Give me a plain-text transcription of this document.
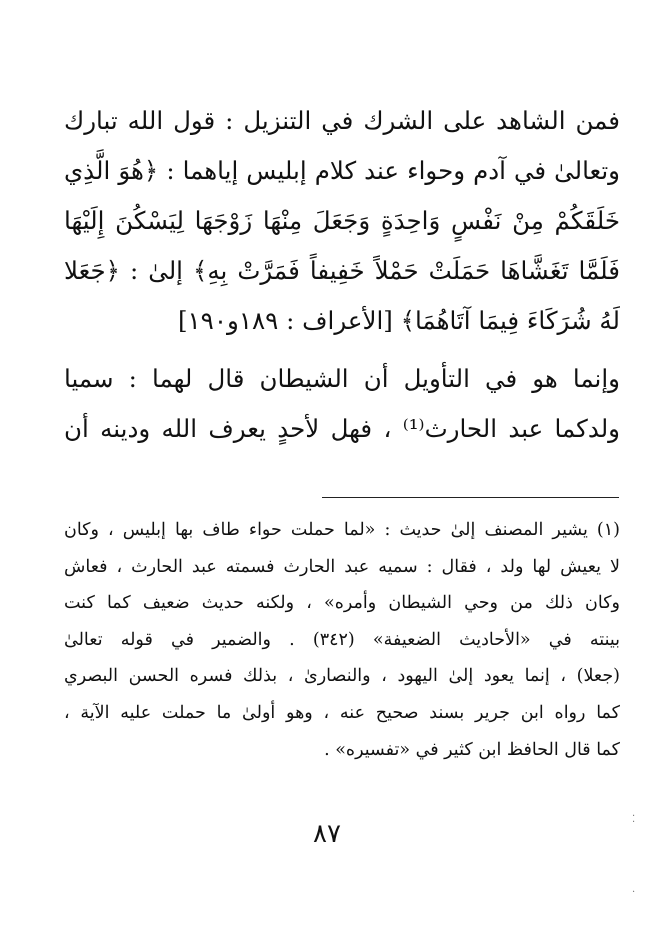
فمن الشاهد على الشرك في التنزيل : قول الله تبارك
وتعالىٰ في آدم وحواء عند كلام إبليس إياهما : ﴿هُوَ الَّذِي
خَلَقَكُمْ مِنْ نَفْسٍ وَاحِدَةٍ وَجَعَلَ مِنْهَا زَوْجَهَا لِيَسْكُنَ إِلَيْهَا
فَلَمَّا تَغَشَّاهَا حَمَلَتْ حَمْلاً خَفِيفاً فَمَرَّتْ بِهِ﴾ إلىٰ : ﴿جَعَلا
لَهُ شُرَكَاءَ فِيمَا آتَاهُمَا﴾ [الأعراف : ١٨٩و١٩٠]
وإنما هو في التأويل أن الشيطان قال لهما : سميا
ولدكما عبد الحارث⁽¹⁾ ، فهل لأحدٍ يعرف الله ودينه أن
(١) يشير المصنف إلىٰ حديث : «لما حملت حواء طاف بها إبليس ، وكان
لا يعيش لها ولد ، فقال : سميه عبد الحارث فسمته عبد الحارث ، فعاش
وكان ذلك من وحي الشيطان وأمره» ، ولكنه حديث ضعيف كما كنت
بينته في «الأحاديث الضعيفة» (٣٤٢) . والضمير في قوله تعالىٰ
(جعلا) ، إنما يعود إلىٰ اليهود ، والنصارىٰ ، بذلك فسره الحسن البصري
كما رواه ابن جرير بسند صحيح عنه ، وهو أولىٰ ما حملت عليه الآية ،
كما قال الحافظ ابن كثير في «تفسيره» .
٨٧	⁚
·
